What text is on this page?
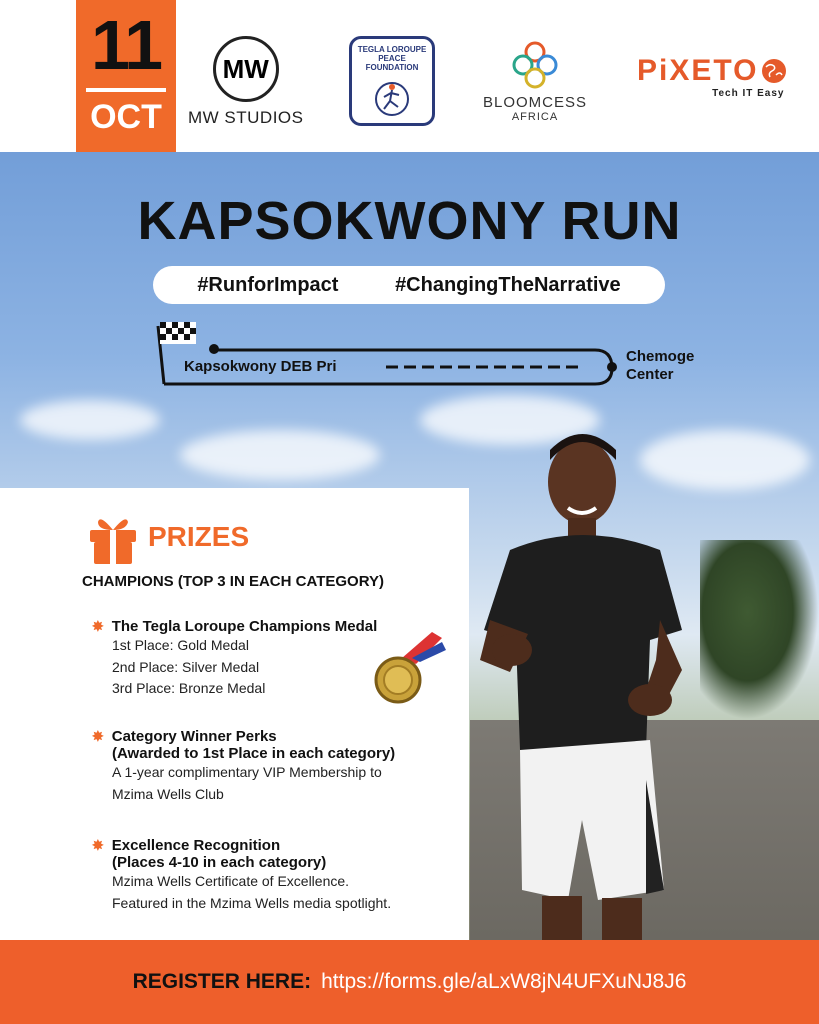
11
OCT
MW
MW STUDIOS
TEGLA LOROUPE PEACE FOUNDATION
BLOOMCESS
AFRICA
PiXETO
Tech IT Easy
KAPSOKWONY RUN
#RunforImpact	#ChangingTheNarrative
Kapsokwony DEB Pri
Chemoge Center
PRIZES
CHAMPIONS (TOP 3 IN EACH CATEGORY)
✸ The Tegla Loroupe Champions Medal
1st Place: Gold Medal
2nd Place: Silver Medal
3rd Place: Bronze Medal
✸ Category Winner Perks
(Awarded to 1st Place in each category)
A 1-year complimentary VIP Membership to
Mzima Wells Club
✸ Excellence Recognition
(Places 4-10 in each category)
Mzima Wells Certificate of Excellence.
Featured in the Mzima Wells media spotlight.
REGISTER HERE: https://forms.gle/aLxW8jN4UFXuNJ8J6
